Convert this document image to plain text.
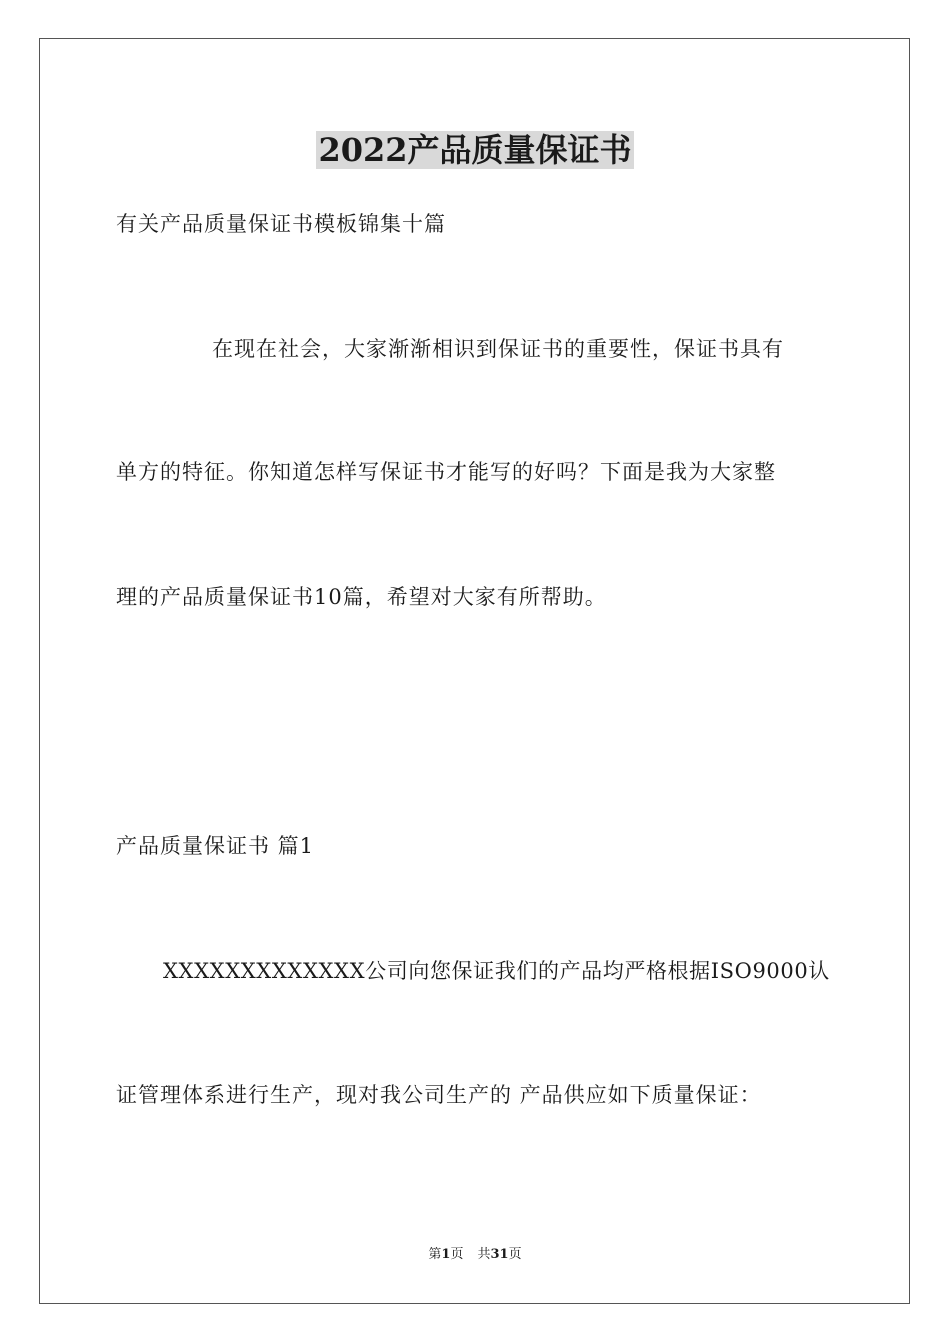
2022产品质量保证书
有关产品质量保证书模板锦集十篇
在现在社会，大家渐渐相识到保证书的重要性，保证书具有
单方的特征。你知道怎样写保证书才能写的好吗？下面是我为大家整
理的产品质量保证书10篇，希望对大家有所帮助。
产品质量保证书 篇1
XXXXXXXXXXXXX公司向您保证我们的产品均严格根据ISO9000认
证管理体系进行生产，现对我公司生产的 产品供应如下质量保证：
第1页 共31页
